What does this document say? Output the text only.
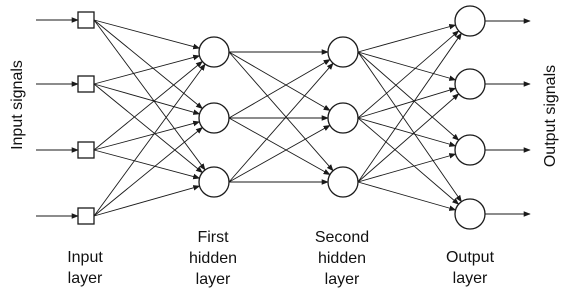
Input signals	Output signals
Input
layer
First
hidden
layer
Second
hidden
layer
Output
layer
